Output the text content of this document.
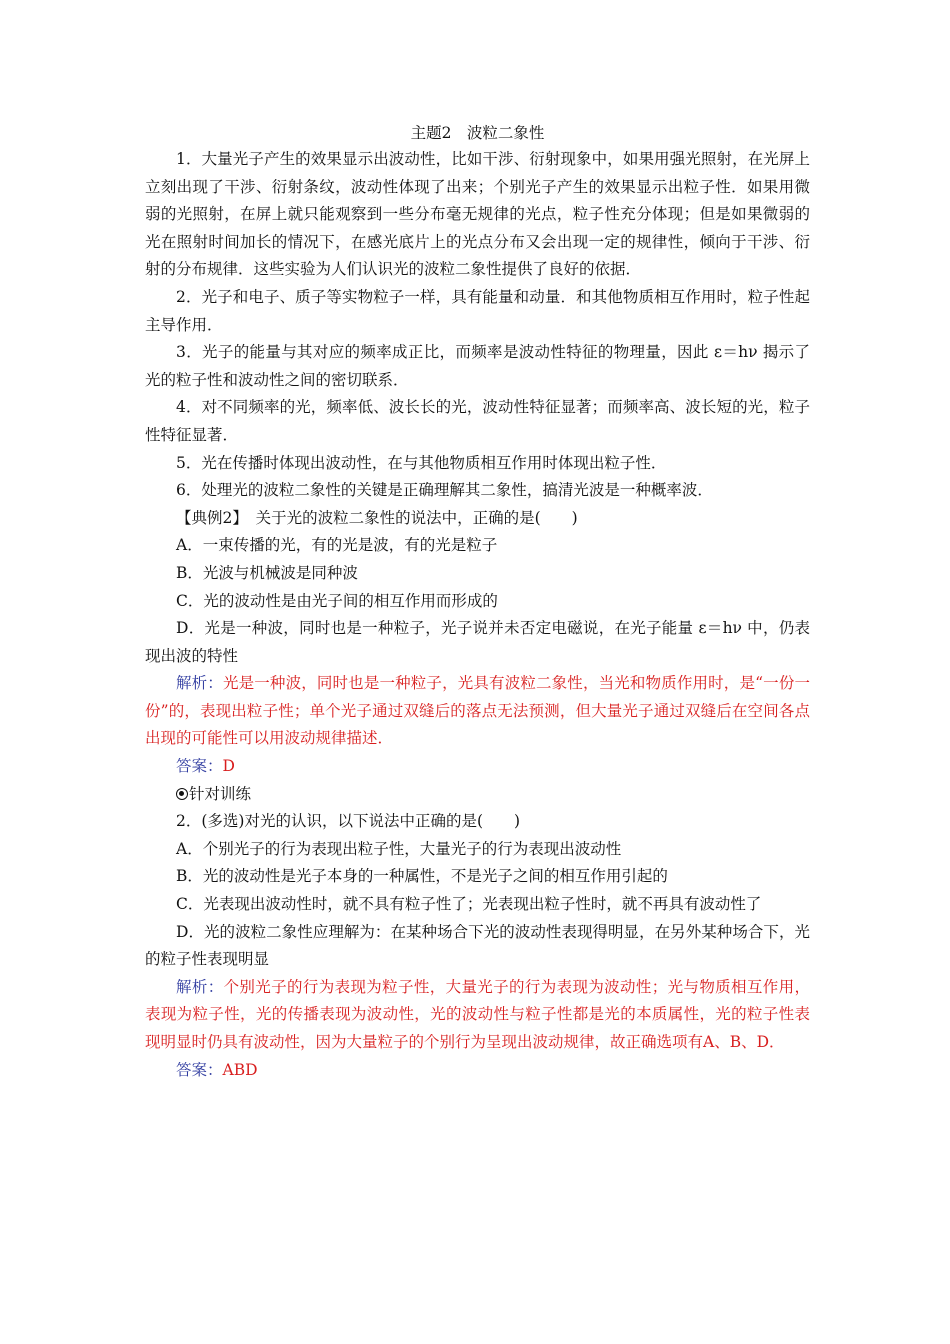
主题2　波粒二象性

1．大量光子产生的效果显示出波动性，比如干涉、衍射现象中，如果用强光照射，在光屏上立刻出现了干涉、衍射条纹，波动性体现了出来；个别光子产生的效果显示出粒子性．如果用微弱的光照射，在屏上就只能观察到一些分布毫无规律的光点，粒子性充分体现；但是如果微弱的光在照射时间加长的情况下，在感光底片上的光点分布又会出现一定的规律性，倾向于干涉、衍射的分布规律．这些实验为人们认识光的波粒二象性提供了良好的依据．

2．光子和电子、质子等实物粒子一样，具有能量和动量．和其他物质相互作用时，粒子性起主导作用．

3．光子的能量与其对应的频率成正比，而频率是波动性特征的物理量，因此 ε＝hν 揭示了光的粒子性和波动性之间的密切联系．

4．对不同频率的光，频率低、波长长的光，波动性特征显著；而频率高、波长短的光，粒子性特征显著．

5．光在传播时体现出波动性，在与其他物质相互作用时体现出粒子性．

6．处理光的波粒二象性的关键是正确理解其二象性，搞清光波是一种概率波．

【典例2】　关于光的波粒二象性的说法中，正确的是(　　)

A．一束传播的光，有的光是波，有的光是粒子

B．光波与机械波是同种波

C．光的波动性是由光子间的相互作用而形成的

D．光是一种波，同时也是一种粒子，光子说并未否定电磁说，在光子能量 ε＝hν 中，仍表现出波的特性

解析：光是一种波，同时也是一种粒子，光具有波粒二象性，当光和物质作用时，是“一份一份”的，表现出粒子性；单个光子通过双缝后的落点无法预测，但大量光子通过双缝后在空间各点出现的可能性可以用波动规律描述．

答案：D

针对训练

2．(多选)对光的认识，以下说法中正确的是(　　)

A．个别光子的行为表现出粒子性，大量光子的行为表现出波动性

B．光的波动性是光子本身的一种属性，不是光子之间的相互作用引起的

C．光表现出波动性时，就不具有粒子性了；光表现出粒子性时，就不再具有波动性了

D．光的波粒二象性应理解为：在某种场合下光的波动性表现得明显，在另外某种场合下，光的粒子性表现明显

解析：个别光子的行为表现为粒子性，大量光子的行为表现为波动性；光与物质相互作用，表现为粒子性，光的传播表现为波动性，光的波动性与粒子性都是光的本质属性，光的粒子性表现明显时仍具有波动性，因为大量粒子的个别行为呈现出波动规律，故正确选项有A、B、D．

答案：ABD
